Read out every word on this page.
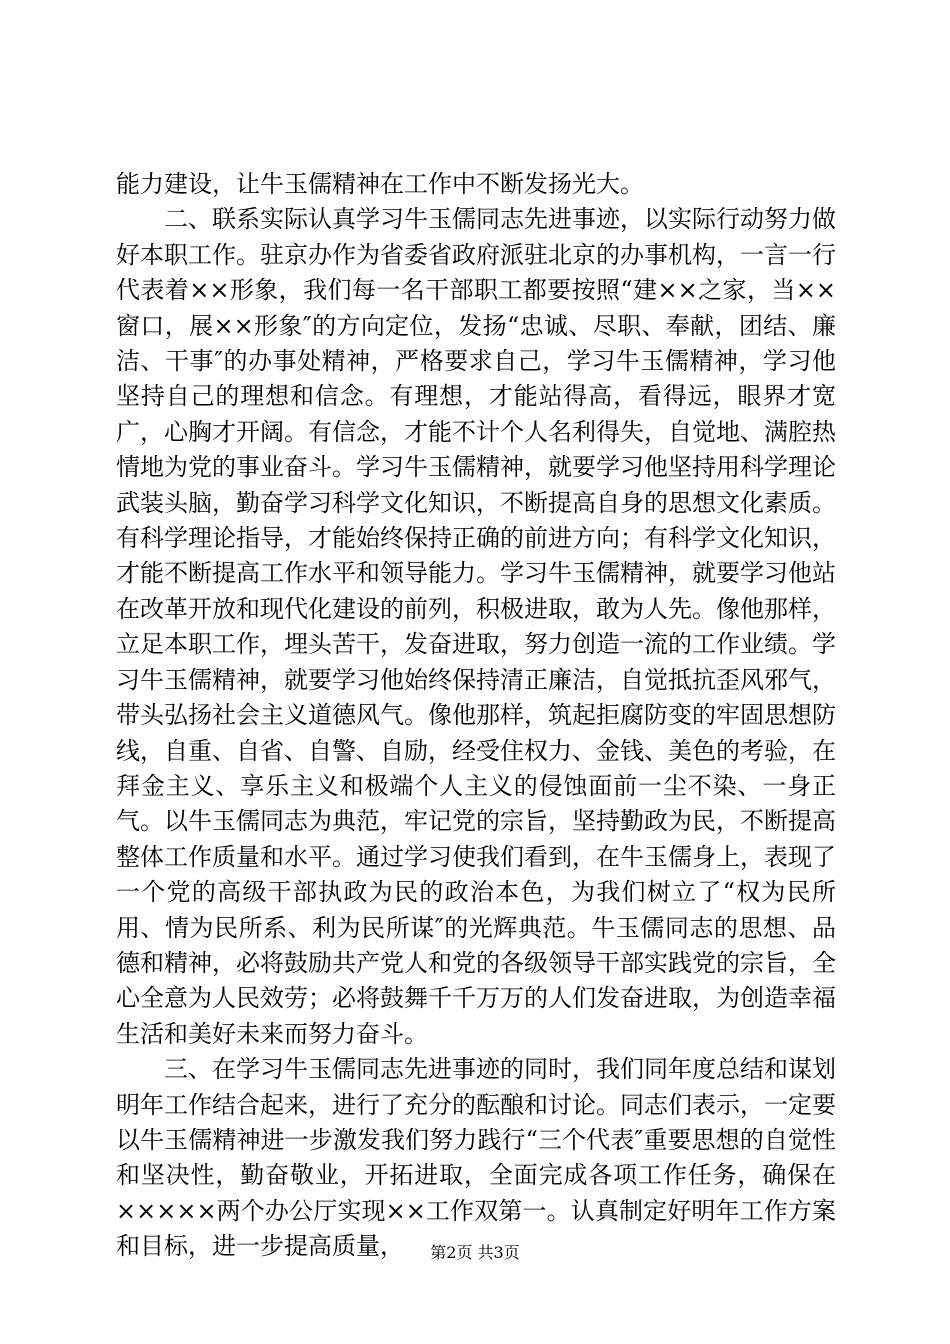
能力建设，让牛玉儒精神在工作中不断发扬光大。

二、联系实际认真学习牛玉儒同志先进事迹，以实际行动努力做好本职工作。驻京办作为省委省政府派驻北京的办事机构，一言一行代表着××形象，我们每一名干部职工都要按照“建××之家，当××窗口，展××形象″的方向定位，发扬“忠诚、尽职、奉献，团结、廉洁、干事″的办事处精神，严格要求自己，学习牛玉儒精神，学习他坚持自己的理想和信念。有理想，才能站得高，看得远，眼界才宽广，心胸才开阔。有信念，才能不计个人名利得失，自觉地、满腔热情地为党的事业奋斗。学习牛玉儒精神，就要学习他坚持用科学理论武装头脑，勤奋学习科学文化知识，不断提高自身的思想文化素质。有科学理论指导，才能始终保持正确的前进方向；有科学文化知识，才能不断提高工作水平和领导能力。学习牛玉儒精神，就要学习他站在改革开放和现代化建设的前列，积极进取，敢为人先。像他那样，立足本职工作，埋头苦干，发奋进取，努力创造一流的工作业绩。学习牛玉儒精神，就要学习他始终保持清正廉洁，自觉抵抗歪风邪气，带头弘扬社会主义道德风气。像他那样，筑起拒腐防变的牢固思想防线，自重、自省、自警、自励，经受住权力、金钱、美色的考验，在拜金主义、享乐主义和极端个人主义的侵蚀面前一尘不染、一身正气。以牛玉儒同志为典范，牢记党的宗旨，坚持勤政为民，不断提高整体工作质量和水平。通过学习使我们看到，在牛玉儒身上，表现了一个党的高级干部执政为民的政治本色，为我们树立了“权为民所用、情为民所系、利为民所谋″的光辉典范。牛玉儒同志的思想、品德和精神，必将鼓励共产党人和党的各级领导干部实践党的宗旨，全心全意为人民效劳；必将鼓舞千千万万的人们发奋进取，为创造幸福生活和美好未来而努力奋斗。

三、在学习牛玉儒同志先进事迹的同时，我们同年度总结和谋划明年工作结合起来，进行了充分的酝酿和讨论。同志们表示，一定要以牛玉儒精神进一步激发我们努力践行“三个代表″重要思想的自觉性和坚决性，勤奋敬业，开拓进取，全面完成各项工作任务，确保在×××××两个办公厅实现××工作双第一。认真制定好明年工作方案和目标，进一步提高质量，	第2页 共3页
